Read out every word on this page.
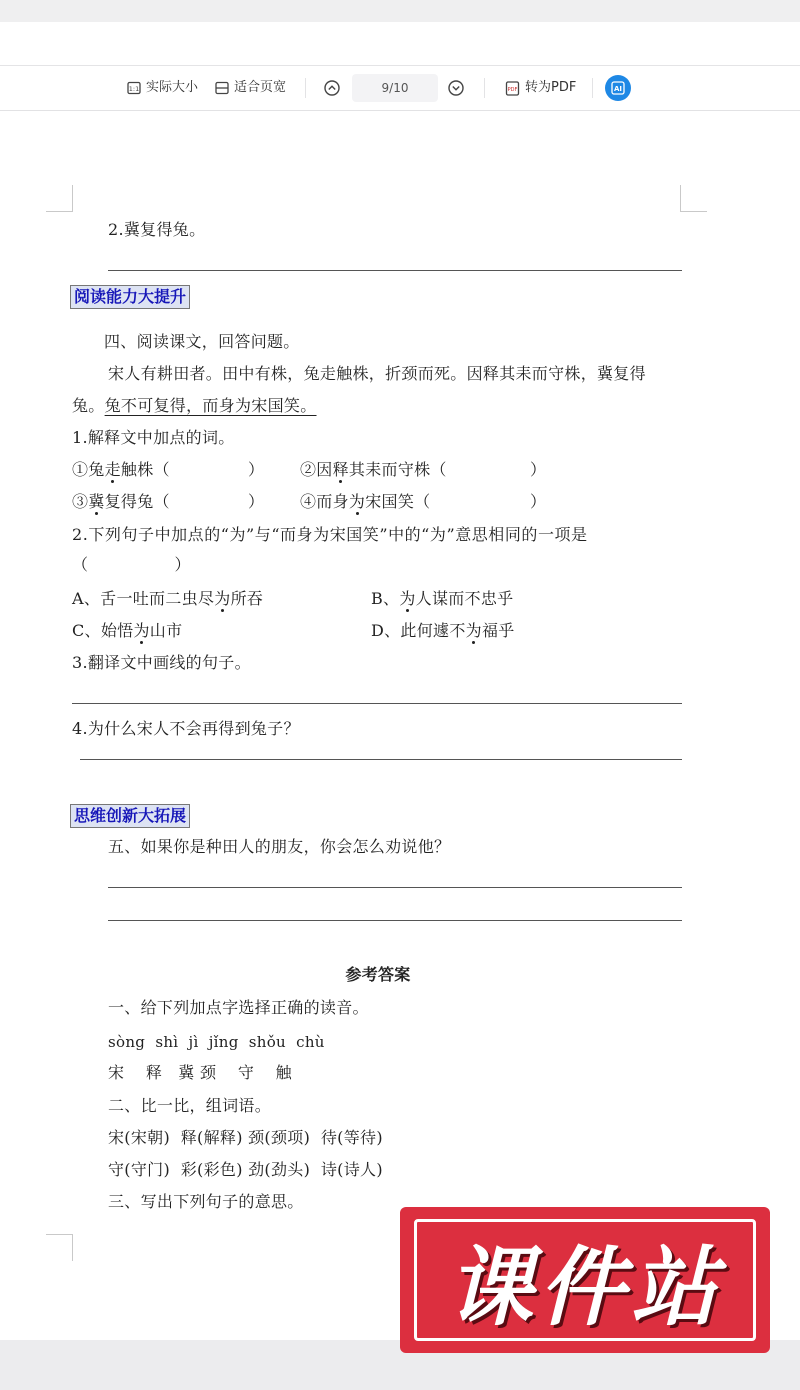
1:1 实际大小	适合页宽	9/10	PDF 转为PDF	AI
2.冀复得兔。
阅读能力大提升
四、阅读课文，回答问题。
宋人有耕田者。田中有株，兔走触株，折颈而死。因释其耒而守株，冀复得
兔。兔不可复得，而身为宋国笑。
1.解释文中加点的词。
①兔走触株（	） ②因释其耒而守株（	）
③冀复得兔（	） ④而身为宋国笑（	）
2.下列句子中加点的“为”与“而身为宋国笑”中的“为”意思相同的一项是
（                ）
A、舌一吐而二虫尽为所吞	B、为人谋而不忠乎
C、始悟为山市	D、此何遽不为福乎
3.翻译文中画线的句子。
4.为什么宋人不会再得到兔子？
思维创新大拓展
五、如果你是种田人的朋友，你会怎么劝说他？
参考答案
一、给下列加点字选择正确的读音。
sòng  shì  jì  jǐng  shǒu  chù
宋    释   冀 颈    守    触
二、比一比，组词语。
宋(宋朝)  释(解释) 颈(颈项)  待(等待)
守(守门)  彩(彩色) 劲(劲头)  诗(诗人)
三、写出下列句子的意思。
课件站
